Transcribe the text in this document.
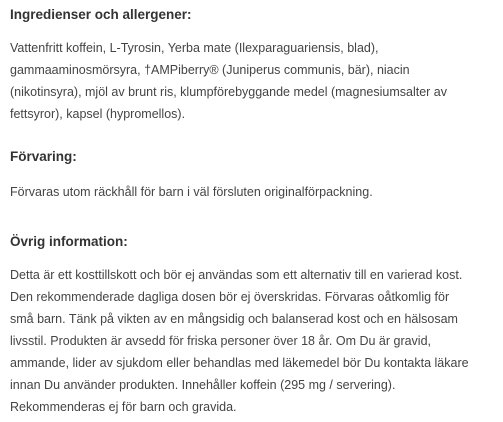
Ingredienser och allergener:

Vattenfritt koffein, L-Tyrosin, Yerba mate (Ilexparaguariensis, blad),
gammaaminosmörsyra, †AMPiberry® (Juniperus communis, bär), niacin
(nikotinsyra), mjöl av brunt ris, klumpförebyggande medel (magnesiumsalter av
fettsyror), kapsel (hypromellos).

Förvaring:

Förvaras utom räckhåll för barn i väl försluten originalförpackning.

Övrig information:

Detta är ett kosttillskott och bör ej användas som ett alternativ till en varierad kost.
Den rekommenderade dagliga dosen bör ej överskridas. Förvaras oåtkomlig för
små barn. Tänk på vikten av en mångsidig och balanserad kost och en hälsosam
livsstil. Produkten är avsedd för friska personer över 18 år. Om Du är gravid,
ammande, lider av sjukdom eller behandlas med läkemedel bör Du kontakta läkare
innan Du använder produkten. Innehåller koffein (295 mg / servering).
Rekommenderas ej för barn och gravida.
